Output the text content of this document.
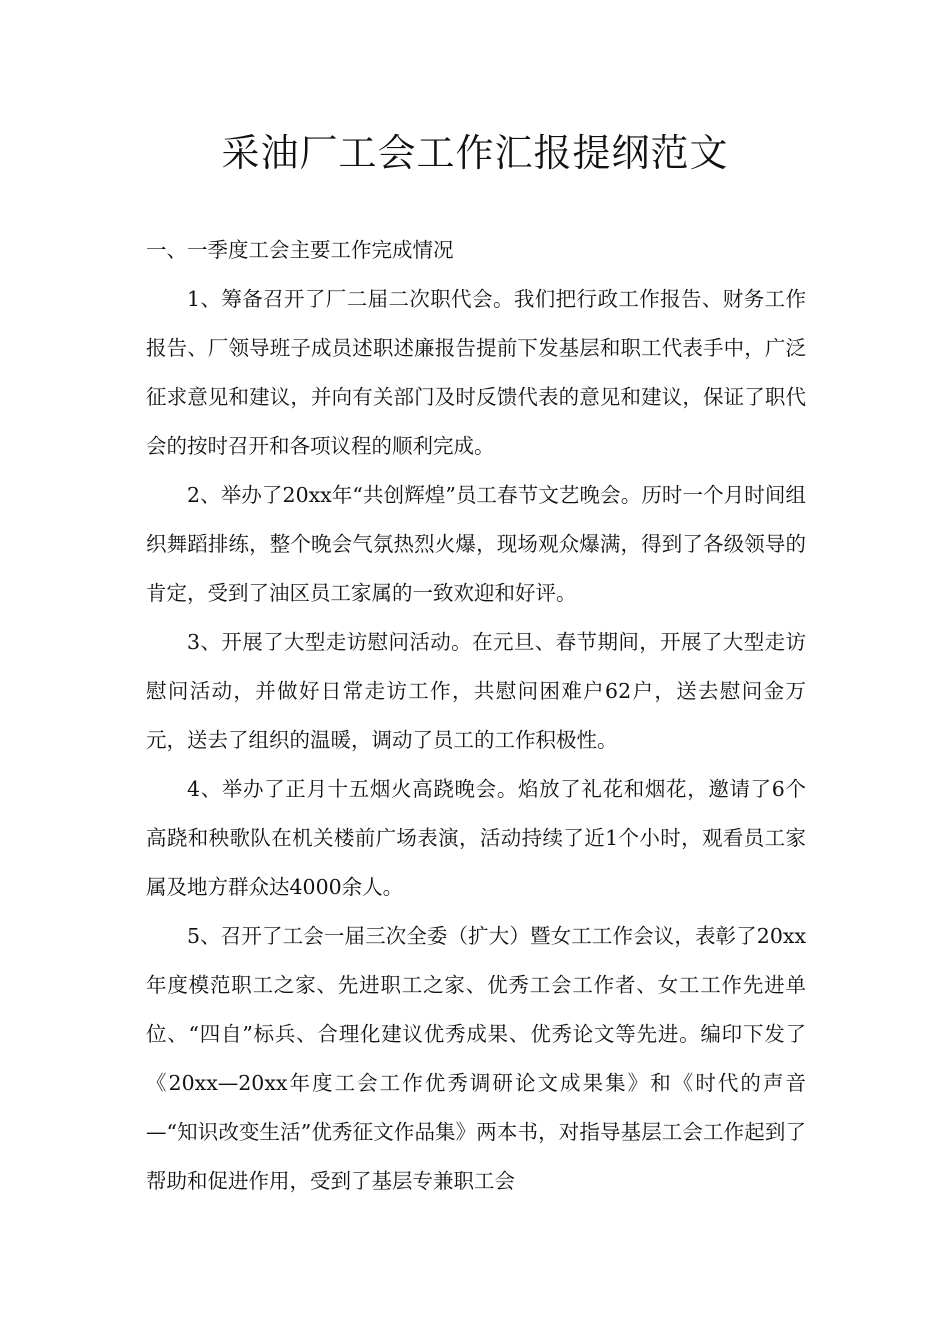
采油厂工会工作汇报提纲范文

一、一季度工会主要工作完成情况

1、筹备召开了厂二届二次职代会。我们把行政工作报告、财务工作报告、厂领导班子成员述职述廉报告提前下发基层和职工代表手中，广泛征求意见和建议，并向有关部门及时反馈代表的意见和建议，保证了职代会的按时召开和各项议程的顺利完成。

2、举办了20xx年“共创辉煌”员工春节文艺晚会。历时一个月时间组织舞蹈排练，整个晚会气氛热烈火爆，现场观众爆满，得到了各级领导的肯定，受到了油区员工家属的一致欢迎和好评。

3、开展了大型走访慰问活动。在元旦、春节期间，开展了大型走访慰问活动，并做好日常走访工作，共慰问困难户62户，送去慰问金万元，送去了组织的温暖，调动了员工的工作积极性。

4、举办了正月十五烟火高跷晚会。焰放了礼花和烟花，邀请了6个高跷和秧歌队在机关楼前广场表演，活动持续了近1个小时，观看员工家属及地方群众达4000余人。

5、召开了工会一届三次全委（扩大）暨女工工作会议，表彰了20xx年度模范职工之家、先进职工之家、优秀工会工作者、女工工作先进单位、“四自”标兵、合理化建议优秀成果、优秀论文等先进。编印下发了《20xx—20xx年度工会工作优秀调研论文成果集》和《时代的声音—“知识改变生活”优秀征文作品集》两本书，对指导基层工会工作起到了帮助和促进作用，受到了基层专兼职工会
